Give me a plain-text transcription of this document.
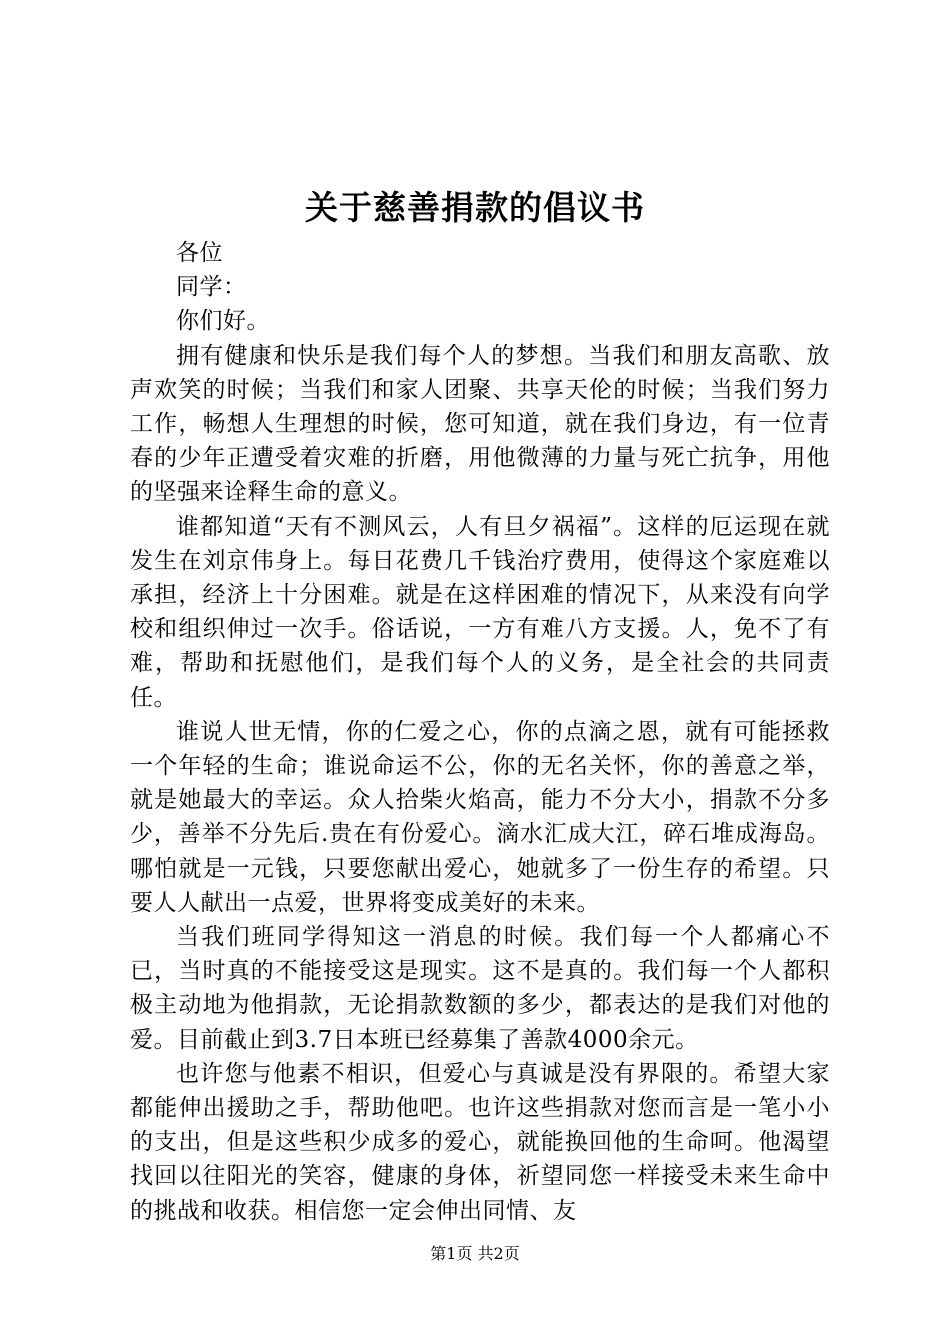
关于慈善捐款的倡议书

各位

同学：

你们好。

拥有健康和快乐是我们每个人的梦想。当我们和朋友高歌、放声欢笑的时候；当我们和家人团聚、共享天伦的时候；当我们努力工作，畅想人生理想的时候，您可知道，就在我们身边，有一位青春的少年正遭受着灾难的折磨，用他微薄的力量与死亡抗争，用他的坚强来诠释生命的意义。

谁都知道“天有不测风云，人有旦夕祸福”。这样的厄运现在就发生在刘京伟身上。每日花费几千钱治疗费用，使得这个家庭难以承担，经济上十分困难。就是在这样困难的情况下，从来没有向学校和组织伸过一次手。俗话说，一方有难八方支援。人，免不了有难，帮助和抚慰他们，是我们每个人的义务，是全社会的共同责任。

谁说人世无情，你的仁爱之心，你的点滴之恩，就有可能拯救一个年轻的生命；谁说命运不公，你的无名关怀，你的善意之举，就是她最大的幸运。众人拾柴火焰高，能力不分大小，捐款不分多少，善举不分先后.贵在有份爱心。滴水汇成大江，碎石堆成海岛。哪怕就是一元钱，只要您献出爱心，她就多了一份生存的希望。只要人人献出一点爱，世界将变成美好的未来。

当我们班同学得知这一消息的时候。我们每一个人都痛心不已，当时真的不能接受这是现实。这不是真的。我们每一个人都积极主动地为他捐款，无论捐款数额的多少，都表达的是我们对他的爱。目前截止到3.7日本班已经募集了善款4000余元。

也许您与他素不相识，但爱心与真诚是没有界限的。希望大家都能伸出援助之手，帮助他吧。也许这些捐款对您而言是一笔小小的支出，但是这些积少成多的爱心，就能换回他的生命呵。他渴望找回以往阳光的笑容，健康的身体，祈望同您一样接受未来生命中的挑战和收获。相信您一定会伸出同情、友

第1页 共2页
